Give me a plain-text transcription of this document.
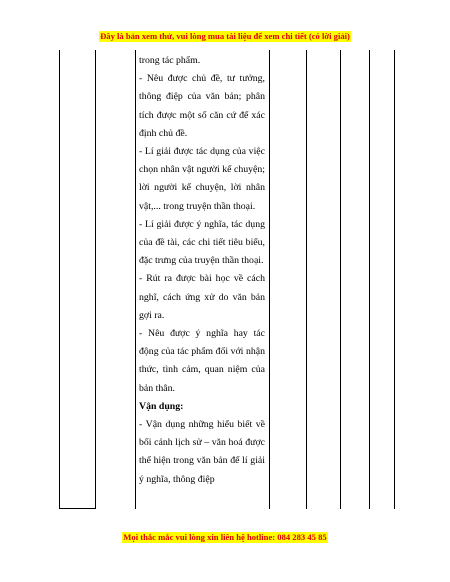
Đây là bản xem thử, vui lòng mua tài liệu để xem chi tiết (có lời giải)

trong tác phẩm.

- Nêu được chủ đề, tư tưởng, thông điệp của văn bản; phân tích được một số căn cứ để xác định chủ đề.

- Lí giải được tác dụng của việc chọn nhân vật người kể chuyện; lời người kể chuyện, lời nhân vật,... trong truyện thần thoại.

- Lí giải được ý nghĩa, tác dụng của đề tài, các chi tiết tiêu biểu, đặc trưng của truyện thần thoại.

- Rút ra được bài học về cách nghĩ, cách ứng xử do văn bản gợi ra.

- Nêu được ý nghĩa hay tác động của tác phẩm đối với nhận thức, tình cảm, quan niệm của bản thân.

Vận dụng:

- Vận dụng những hiểu biết về bối cảnh lịch sử – văn hoá được thể hiện trong văn bản để lí giải ý nghĩa, thông điệp

Mọi thắc mắc vui lòng xin liên hệ hotline: 084 283 45 85
